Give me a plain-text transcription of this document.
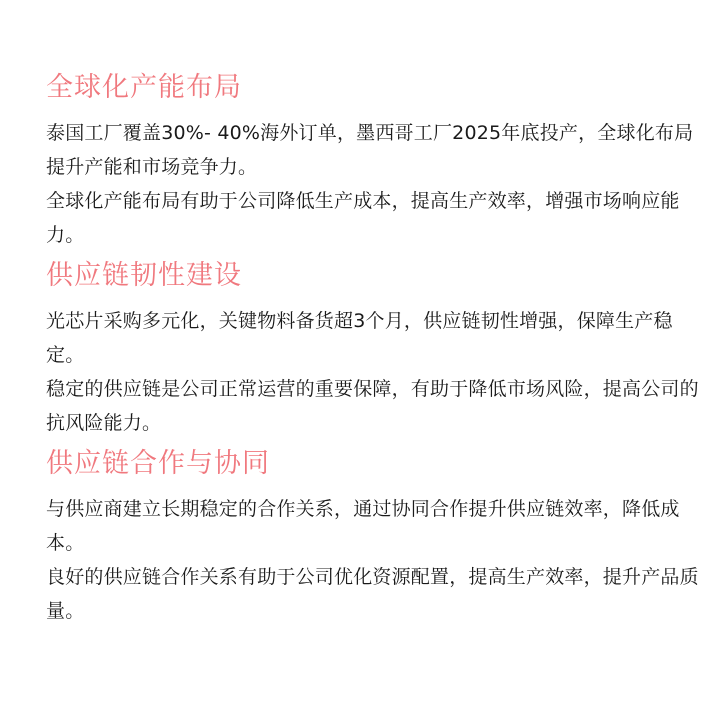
全球化产能布局

泰国工厂覆盖30%- 40%海外订单，墨西哥工厂2025年底投产，全球化布局提升产能和市场竞争力。

全球化产能布局有助于公司降低生产成本，提高生产效率，增强市场响应能力。

供应链韧性建设

光芯片采购多元化，关键物料备货超3个月，供应链韧性增强，保障生产稳定。

稳定的供应链是公司正常运营的重要保障，有助于降低市场风险，提高公司的抗风险能力。

供应链合作与协同

与供应商建立长期稳定的合作关系，通过协同合作提升供应链效率，降低成本。

良好的供应链合作关系有助于公司优化资源配置，提高生产效率，提升产品质量。
